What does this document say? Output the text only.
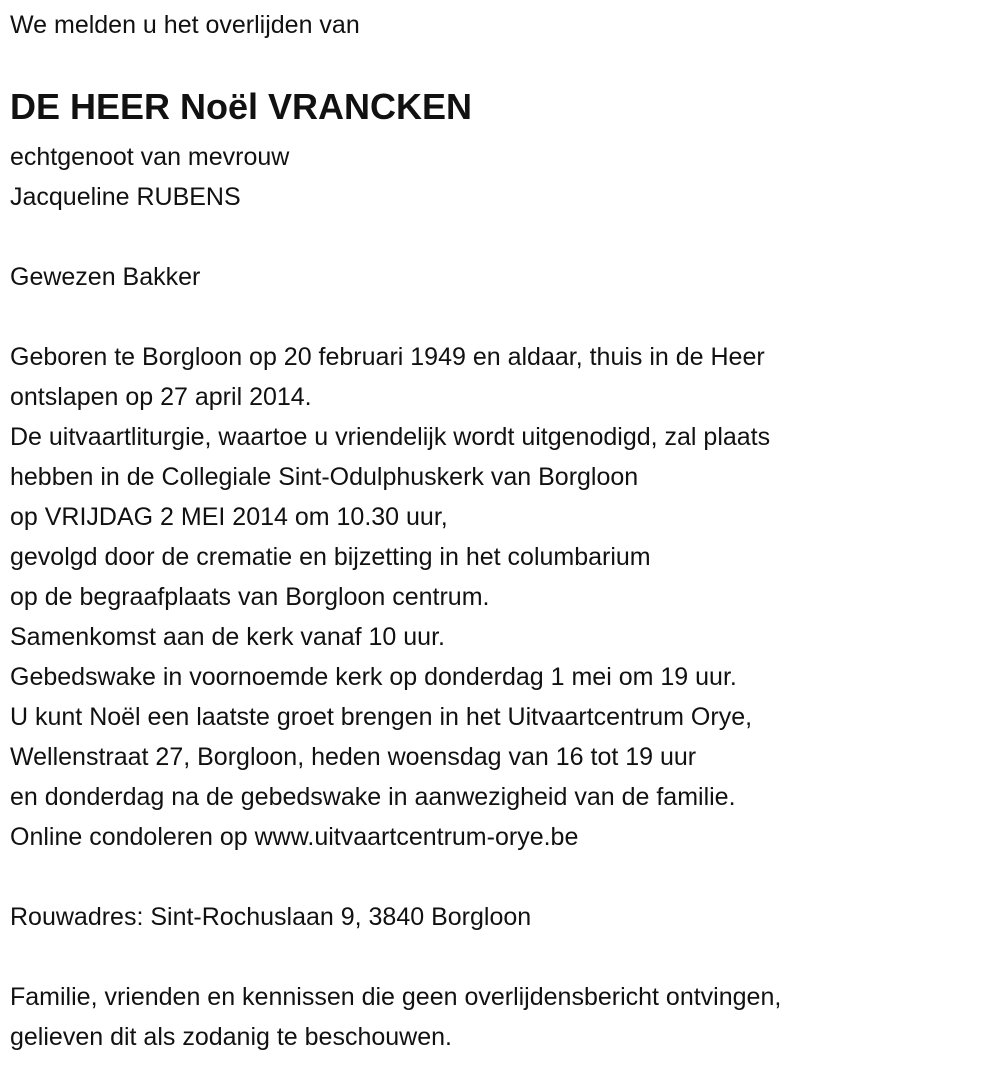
We melden u het overlijden van
DE HEER Noël VRANCKEN
echtgenoot van mevrouw
Jacqueline RUBENS
Gewezen Bakker
Geboren te Borgloon op 20 februari 1949 en aldaar, thuis in de Heer
ontslapen op 27 april 2014.
De uitvaartliturgie, waartoe u vriendelijk wordt uitgenodigd, zal plaats
hebben in de Collegiale Sint-Odulphuskerk van Borgloon
op VRIJDAG 2 MEI 2014 om 10.30 uur,
gevolgd door de crematie en bijzetting in het columbarium
op de begraafplaats van Borgloon centrum.
Samenkomst aan de kerk vanaf 10 uur.
Gebedswake in voornoemde kerk op donderdag 1 mei om 19 uur.
U kunt Noël een laatste groet brengen in het Uitvaartcentrum Orye,
Wellenstraat 27, Borgloon, heden woensdag van 16 tot 19 uur
en donderdag na de gebedswake in aanwezigheid van de familie.
Online condoleren op www.uitvaartcentrum-orye.be
Rouwadres: Sint-Rochuslaan 9, 3840 Borgloon
Familie, vrienden en kennissen die geen overlijdensbericht ontvingen,
gelieven dit als zodanig te beschouwen.
